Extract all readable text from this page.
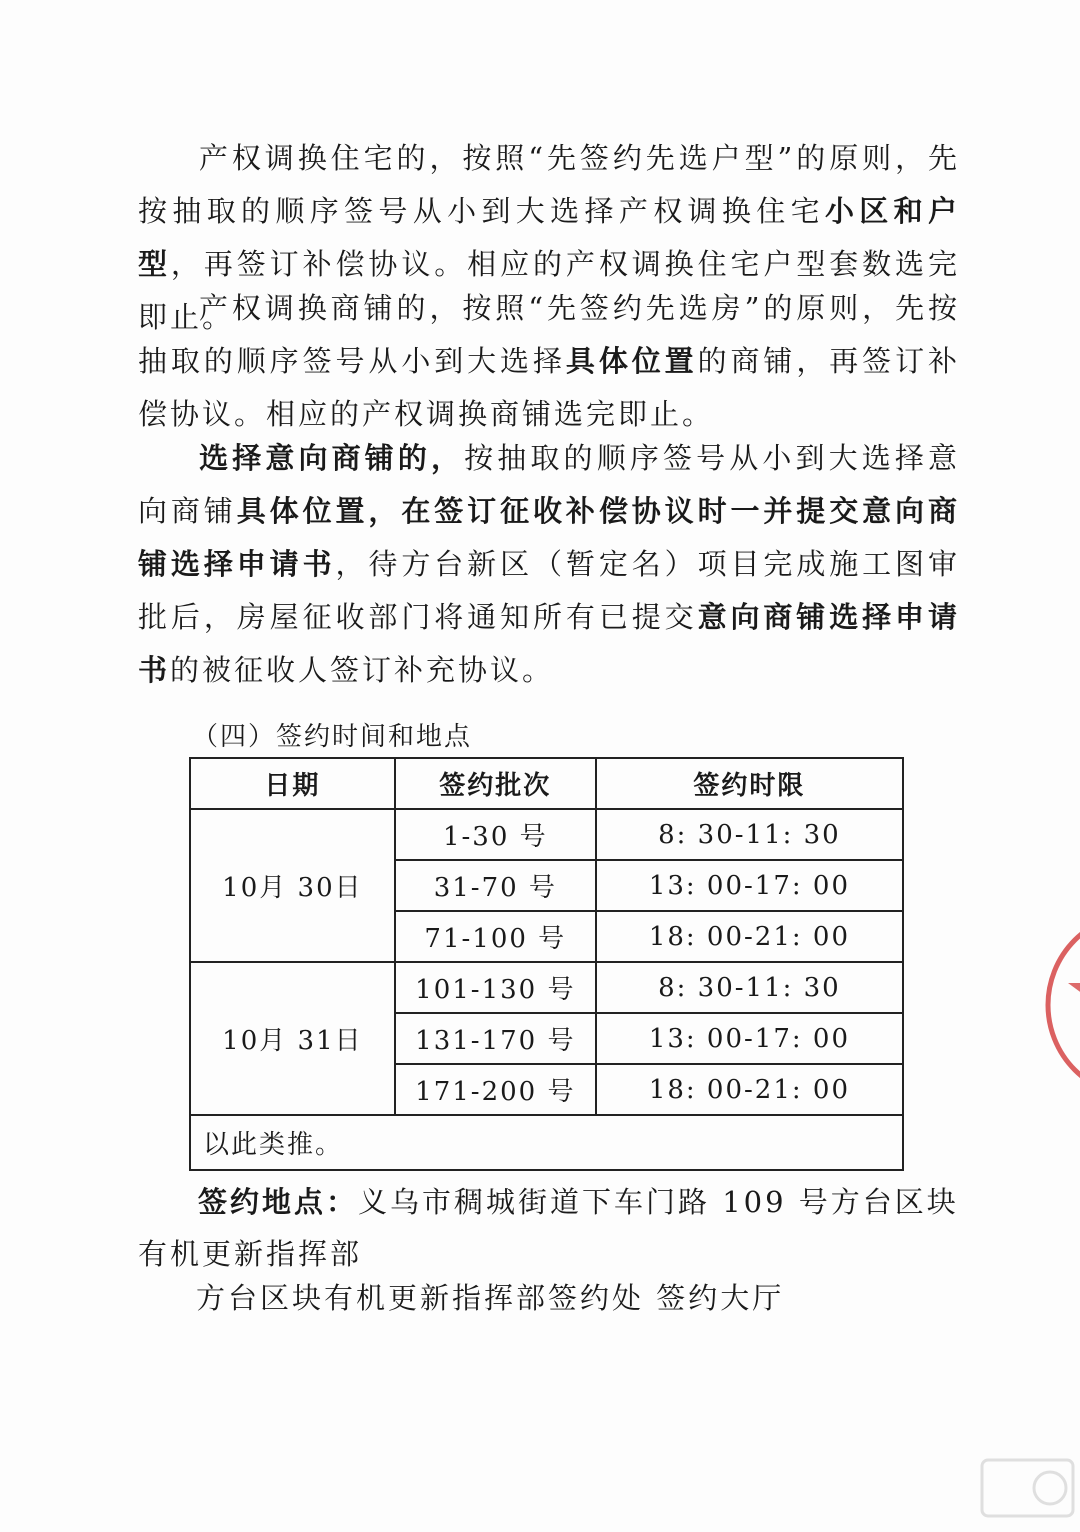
产权调换住宅的，按照“先签约先选户型”的原则，先按抽取的顺序签号从小到大选择产权调换住宅小区和户型，再签订补偿协议。相应的产权调换住宅户型套数选完即止。

产权调换商铺的，按照“先签约先选房”的原则，先按抽取的顺序签号从小到大选择具体位置的商铺，再签订补偿协议。相应的产权调换商铺选完即止。

选择意向商铺的，按抽取的顺序签号从小到大选择意向商铺具体位置，在签订征收补偿协议时一并提交意向商铺选择申请书，待方台新区（暂定名）项目完成施工图审批后，房屋征收部门将通知所有已提交意向商铺选择申请书的被征收人签订补充协议。

（四）签约时间和地点

日期	签约批次	签约时限
10月 30日	1-30 号	8: 30-11: 30
	31-70 号	13: 00-17: 00
	71-100 号	18: 00-21: 00
10月 31日	101-130 号	8: 30-11: 30
	131-170 号	13: 00-17: 00
	171-200 号	18: 00-21: 00
以此类推。		

签约地点：义乌市稠城街道下车门路 109 号方台区块有机更新指挥部

方台区块有机更新指挥部签约处 签约大厅
